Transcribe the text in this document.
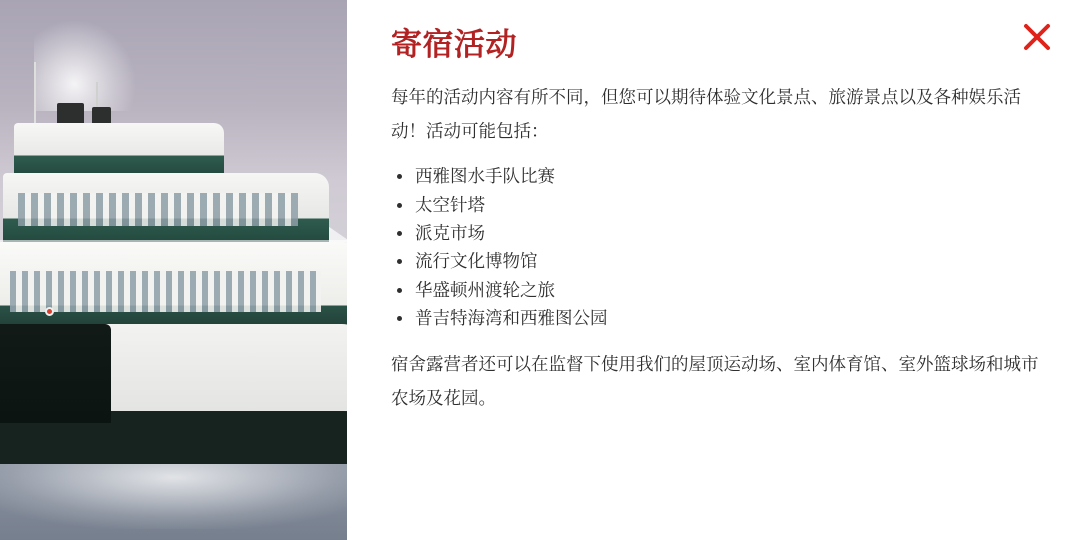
寄宿活动

每年的活动内容有所不同，但您可以期待体验文化景点、旅游景点以及各种娱乐活动！活动可能包括：

西雅图水手队比赛
太空针塔
派克市场
流行文化博物馆
华盛顿州渡轮之旅
普吉特海湾和西雅图公园

宿舍露营者还可以在监督下使用我们的屋顶运动场、室内体育馆、室外篮球场和城市农场及花园。
